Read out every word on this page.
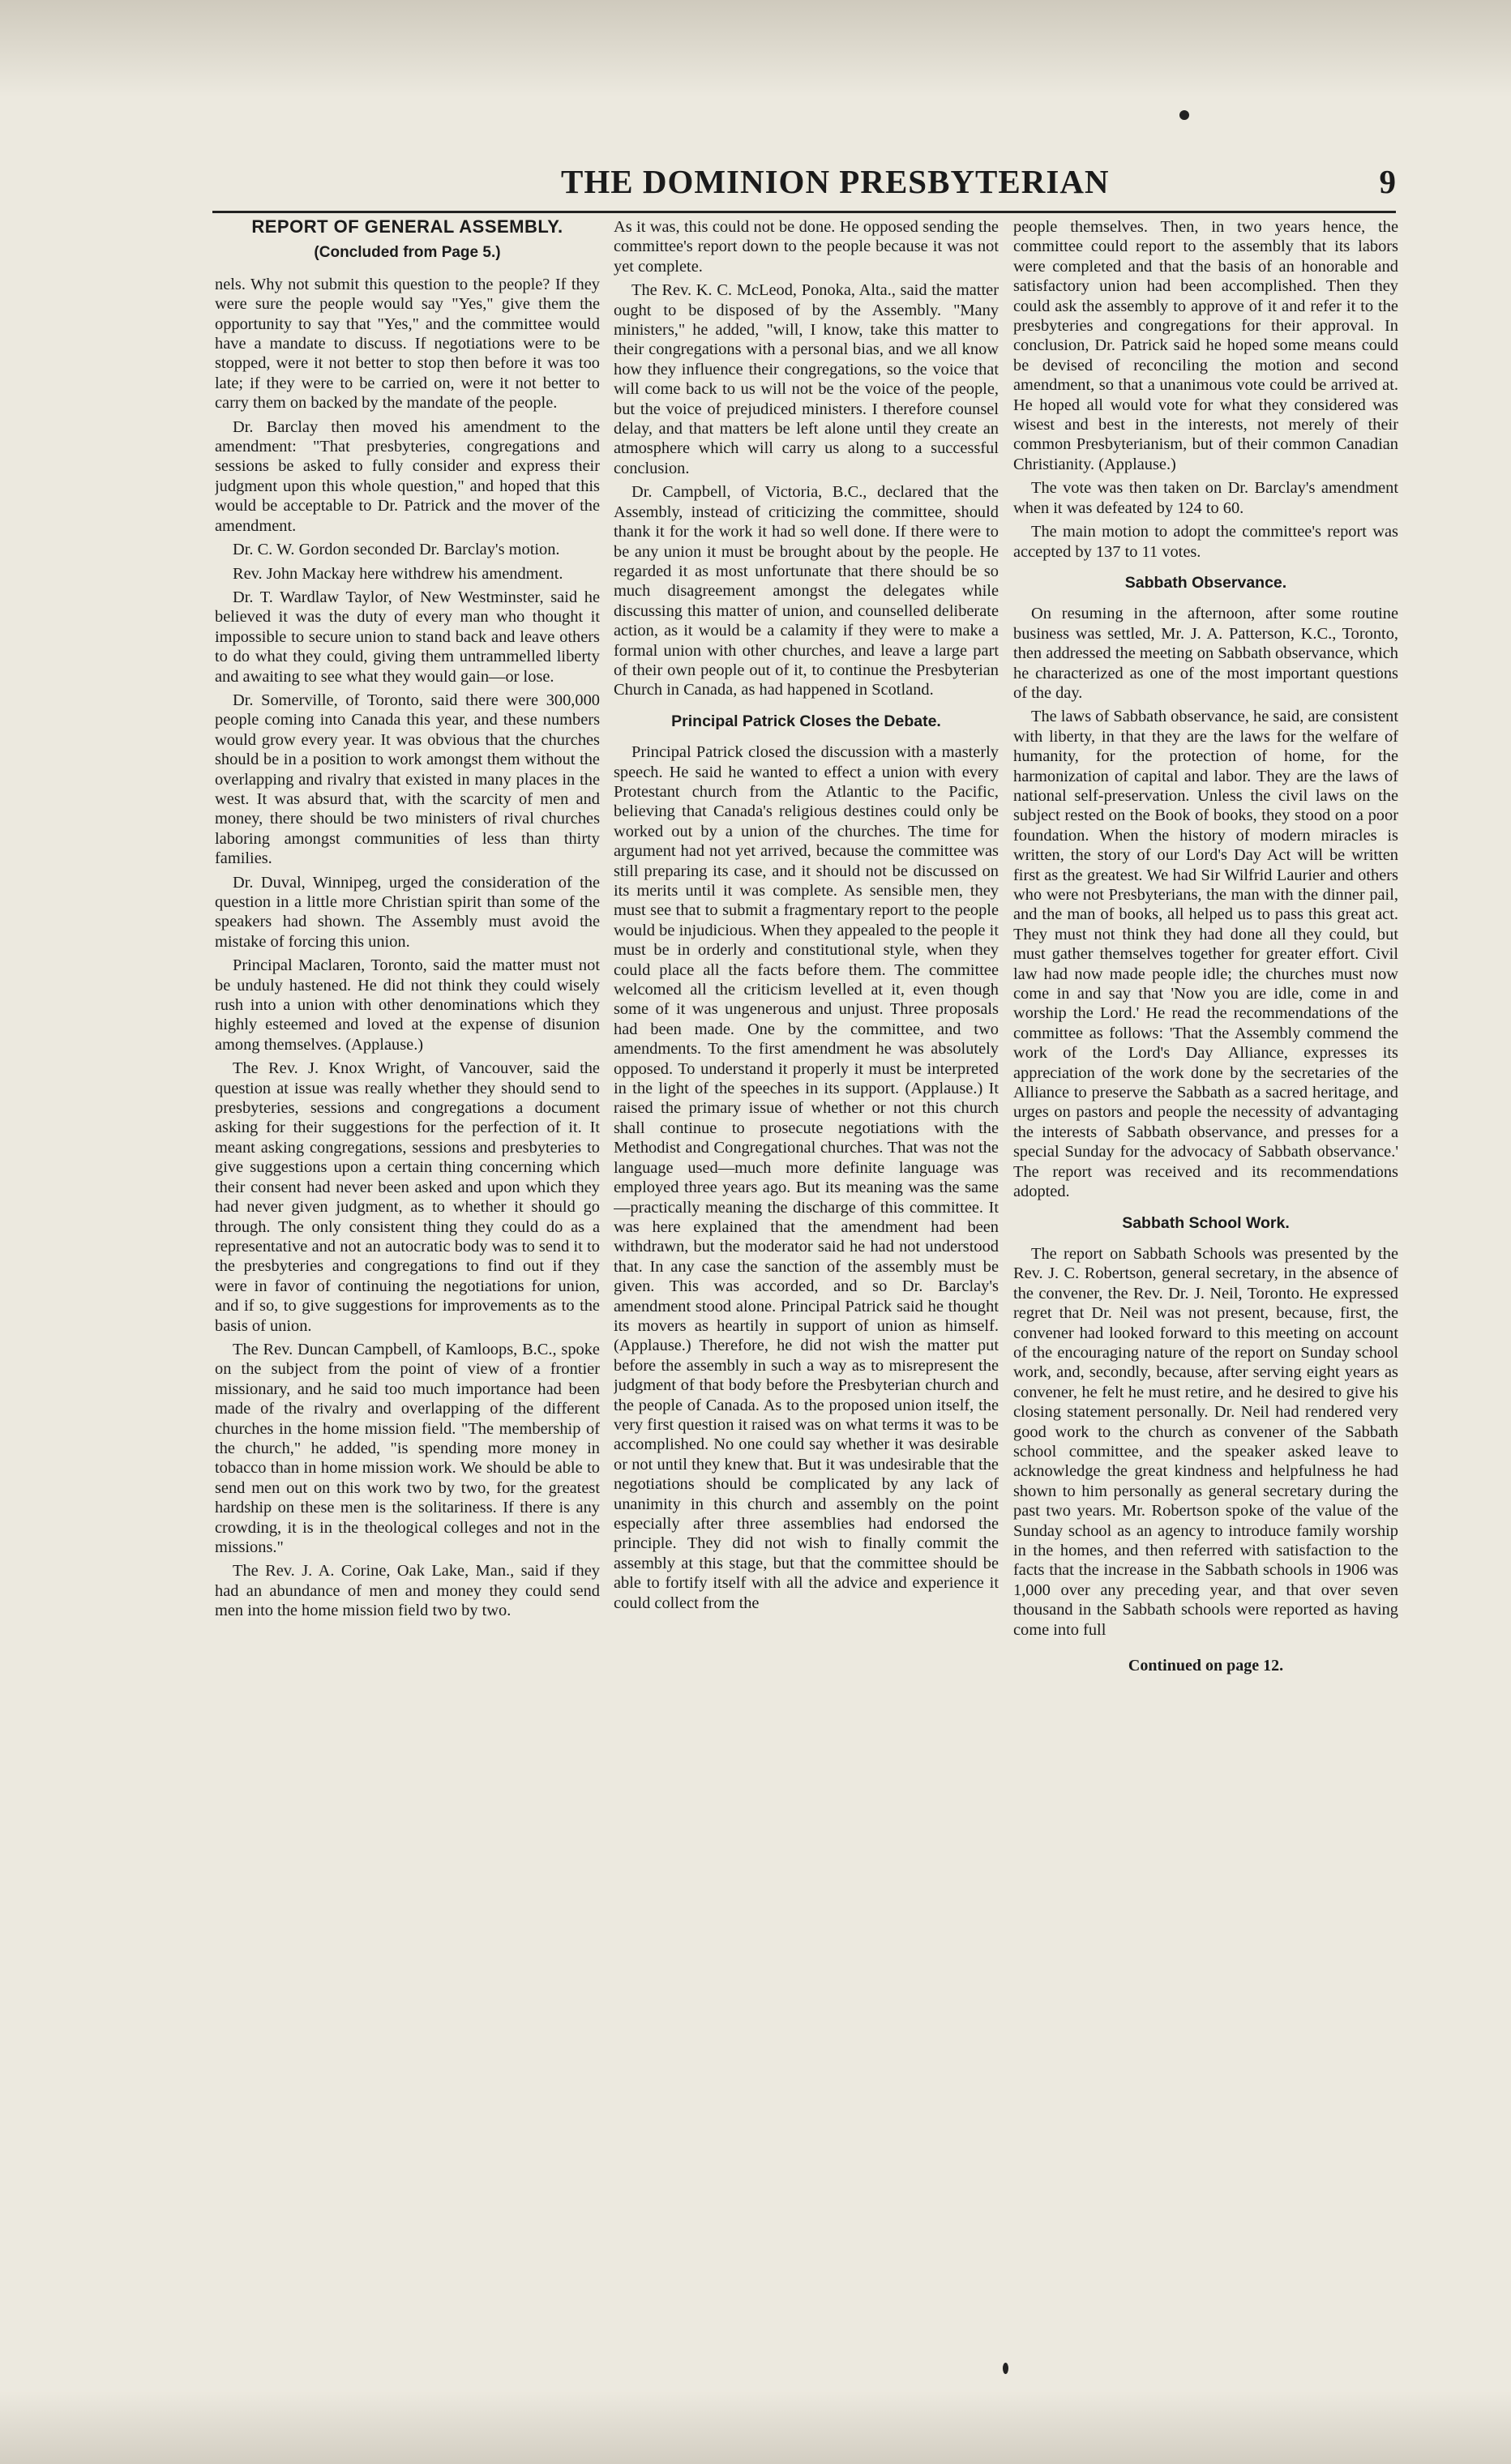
THE DOMINION PRESBYTERIAN	9
REPORT OF GENERAL ASSEMBLY.
(Concluded from Page 5.)

nels. Why not submit this question to the people? If they were sure the people would say "Yes," give them the opportunity to say that "Yes," and the committee would have a mandate to discuss. If negotiations were to be stopped, were it not better to stop then before it was too late; if they were to be carried on, were it not better to carry them on backed by the mandate of the people.

Dr. Barclay then moved his amendment to the amendment: "That presbyteries, congregations and sessions be asked to fully consider and express their judgment upon this whole question," and hoped that this would be acceptable to Dr. Patrick and the mover of the amendment.

Dr. C. W. Gordon seconded Dr. Barclay's motion.

Rev. John Mackay here withdrew his amendment.

Dr. T. Wardlaw Taylor, of New Westminster, said he believed it was the duty of every man who thought it impossible to secure union to stand back and leave others to do what they could, giving them untrammelled liberty and awaiting to see what they would gain—or lose.

Dr. Somerville, of Toronto, said there were 300,000 people coming into Canada this year, and these numbers would grow every year. It was obvious that the churches should be in a position to work amongst them without the overlapping and rivalry that existed in many places in the west. It was absurd that, with the scarcity of men and money, there should be two ministers of rival churches laboring amongst communities of less than thirty families.

Dr. Duval, Winnipeg, urged the consideration of the question in a little more Christian spirit than some of the speakers had shown. The Assembly must avoid the mistake of forcing this union.

Principal Maclaren, Toronto, said the matter must not be unduly hastened. He did not think they could wisely rush into a union with other denominations which they highly esteemed and loved at the expense of disunion among themselves. (Applause.)

The Rev. J. Knox Wright, of Vancouver, said the question at issue was really whether they should send to presbyteries, sessions and congregations a document asking for their suggestions for the perfection of it. It meant asking congregations, sessions and presbyteries to give suggestions upon a certain thing concerning which their consent had never been asked and upon which they had never given judgment, as to whether it should go through. The only consistent thing they could do as a representative and not an autocratic body was to send it to the presbyteries and congregations to find out if they were in favor of continuing the negotiations for union, and if so, to give suggestions for improvements as to the basis of union.

The Rev. Duncan Campbell, of Kamloops, B.C., spoke on the subject from the point of view of a frontier missionary, and he said too much importance had been made of the rivalry and overlapping of the different churches in the home mission field. "The membership of the church," he added, "is spending more money in tobacco than in home mission work. We should be able to send men out on this work two by two, for the greatest hardship on these men is the solitariness. If there is any crowding, it is in the theological colleges and not in the missions."

The Rev. J. A. Corine, Oak Lake, Man., said if they had an abundance of men and money they could send men into the home mission field two by two.

As it was, this could not be done. He opposed sending the committee's report down to the people because it was not yet complete.

The Rev. K. C. McLeod, Ponoka, Alta., said the matter ought to be disposed of by the Assembly. "Many ministers," he added, "will, I know, take this matter to their congregations with a personal bias, and we all know how they influence their congregations, so the voice that will come back to us will not be the voice of the people, but the voice of prejudiced ministers. I therefore counsel delay, and that matters be left alone until they create an atmosphere which will carry us along to a successful conclusion.

Dr. Campbell, of Victoria, B.C., declared that the Assembly, instead of criticizing the committee, should thank it for the work it had so well done. If there were to be any union it must be brought about by the people. He regarded it as most unfortunate that there should be so much disagreement amongst the delegates while discussing this matter of union, and counselled deliberate action, as it would be a calamity if they were to make a formal union with other churches, and leave a large part of their own people out of it, to continue the Presbyterian Church in Canada, as had happened in Scotland.

Principal Patrick Closes the Debate.

Principal Patrick closed the discussion with a masterly speech. He said he wanted to effect a union with every Protestant church from the Atlantic to the Pacific, believing that Canada's religious destines could only be worked out by a union of the churches. The time for argument had not yet arrived, because the committee was still preparing its case, and it should not be discussed on its merits until it was complete. As sensible men, they must see that to submit a fragmentary report to the people would be injudicious. When they appealed to the people it must be in orderly and constitutional style, when they could place all the facts before them. The committee welcomed all the criticism levelled at it, even though some of it was ungenerous and unjust. Three proposals had been made. One by the committee, and two amendments. To the first amendment he was absolutely opposed. To understand it properly it must be interpreted in the light of the speeches in its support. (Applause.) It raised the primary issue of whether or not this church shall continue to prosecute negotiations with the Methodist and Congregational churches. That was not the language used—much more definite language was employed three years ago. But its meaning was the same—practically meaning the discharge of this committee. It was here explained that the amendment had been withdrawn, but the moderator said he had not understood that. In any case the sanction of the assembly must be given. This was accorded, and so Dr. Barclay's amendment stood alone. Principal Patrick said he thought its movers as heartily in support of union as himself. (Applause.) Therefore, he did not wish the matter put before the assembly in such a way as to misrepresent the judgment of that body before the Presbyterian church and the people of Canada. As to the proposed union itself, the very first question it raised was on what terms it was to be accomplished. No one could say whether it was desirable or not until they knew that. But it was undesirable that the negotiations should be complicated by any lack of unanimity in this church and assembly on the point especially after three assemblies had endorsed the principle. They did not wish to finally commit the assembly at this stage, but that the committee should be able to fortify itself with all the advice and experience it could collect from the

people themselves. Then, in two years hence, the committee could report to the assembly that its labors were completed and that the basis of an honorable and satisfactory union had been accomplished. Then they could ask the assembly to approve of it and refer it to the presbyteries and congregations for their approval. In conclusion, Dr. Patrick said he hoped some means could be devised of reconciling the motion and second amendment, so that a unanimous vote could be arrived at. He hoped all would vote for what they considered was wisest and best in the interests, not merely of their common Presbyterianism, but of their common Canadian Christianity. (Applause.)

The vote was then taken on Dr. Barclay's amendment when it was defeated by 124 to 60.

The main motion to adopt the committee's report was accepted by 137 to 11 votes.

Sabbath Observance.

On resuming in the afternoon, after some routine business was settled, Mr. J. A. Patterson, K.C., Toronto, then addressed the meeting on Sabbath observance, which he characterized as one of the most important questions of the day.

The laws of Sabbath observance, he said, are consistent with liberty, in that they are the laws for the welfare of humanity, for the protection of home, for the harmonization of capital and labor. They are the laws of national self-preservation. Unless the civil laws on the subject rested on the Book of books, they stood on a poor foundation. When the history of modern miracles is written, the story of our Lord's Day Act will be written first as the greatest. We had Sir Wilfrid Laurier and others who were not Presbyterians, the man with the dinner pail, and the man of books, all helped us to pass this great act. They must not think they had done all they could, but must gather themselves together for greater effort. Civil law had now made people idle; the churches must now come in and say that 'Now you are idle, come in and worship the Lord.' He read the recommendations of the committee as follows: 'That the Assembly commend the work of the Lord's Day Alliance, expresses its appreciation of the work done by the secretaries of the Alliance to preserve the Sabbath as a sacred heritage, and urges on pastors and people the necessity of advantaging the interests of Sabbath observance, and presses for a special Sunday for the advocacy of Sabbath observance.' The report was received and its recommendations adopted.

Sabbath School Work.

The report on Sabbath Schools was presented by the Rev. J. C. Robertson, general secretary, in the absence of the convener, the Rev. Dr. J. Neil, Toronto. He expressed regret that Dr. Neil was not present, because, first, the convener had looked forward to this meeting on account of the encouraging nature of the report on Sunday school work, and, secondly, because, after serving eight years as convener, he felt he must retire, and he desired to give his closing statement personally. Dr. Neil had rendered very good work to the church as convener of the Sabbath school committee, and the speaker asked leave to acknowledge the great kindness and helpfulness he had shown to him personally as general secretary during the past two years. Mr. Robertson spoke of the value of the Sunday school as an agency to introduce family worship in the homes, and then referred with satisfaction to the facts that the increase in the Sabbath schools in 1906 was 1,000 over any preceding year, and that over seven thousand in the Sabbath schools were reported as having come into full

Continued on page 12.
